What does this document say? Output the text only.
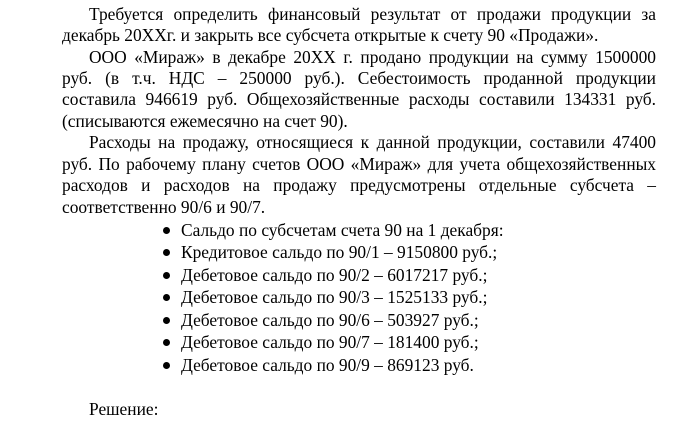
Требуется определить финансовый результат от продажи продукции за
декабрь 20ХХг. и закрыть все субсчета открытые к счету 90 «Продажи».
ООО «Мираж» в декабре 20ХХ г. продано продукции на сумму 1500000
руб. (в т.ч. НДС – 250000 руб.). Себестоимость проданной продукции
составила 946619 руб. Общехозяйственные расходы составили 134331 руб.
(списываются ежемесячно на счет 90).
Расходы на продажу, относящиеся к данной продукции, составили 47400
руб. По рабочему плану счетов ООО «Мираж» для учета общехозяйственных
расходов и расходов на продажу предусмотрены отдельные субсчета –
соответственно 90/6 и 90/7.
Сальдо по субсчетам счета 90 на 1 декабря:
Кредитовое сальдо по 90/1 – 9150800 руб.;
Дебетовое сальдо по 90/2 – 6017217 руб.;
Дебетовое сальдо по 90/3 – 1525133 руб.;
Дебетовое сальдо по 90/6 – 503927 руб.;
Дебетовое сальдо по 90/7 – 181400 руб.;
Дебетовое сальдо по 90/9 – 869123 руб.
Решение:
